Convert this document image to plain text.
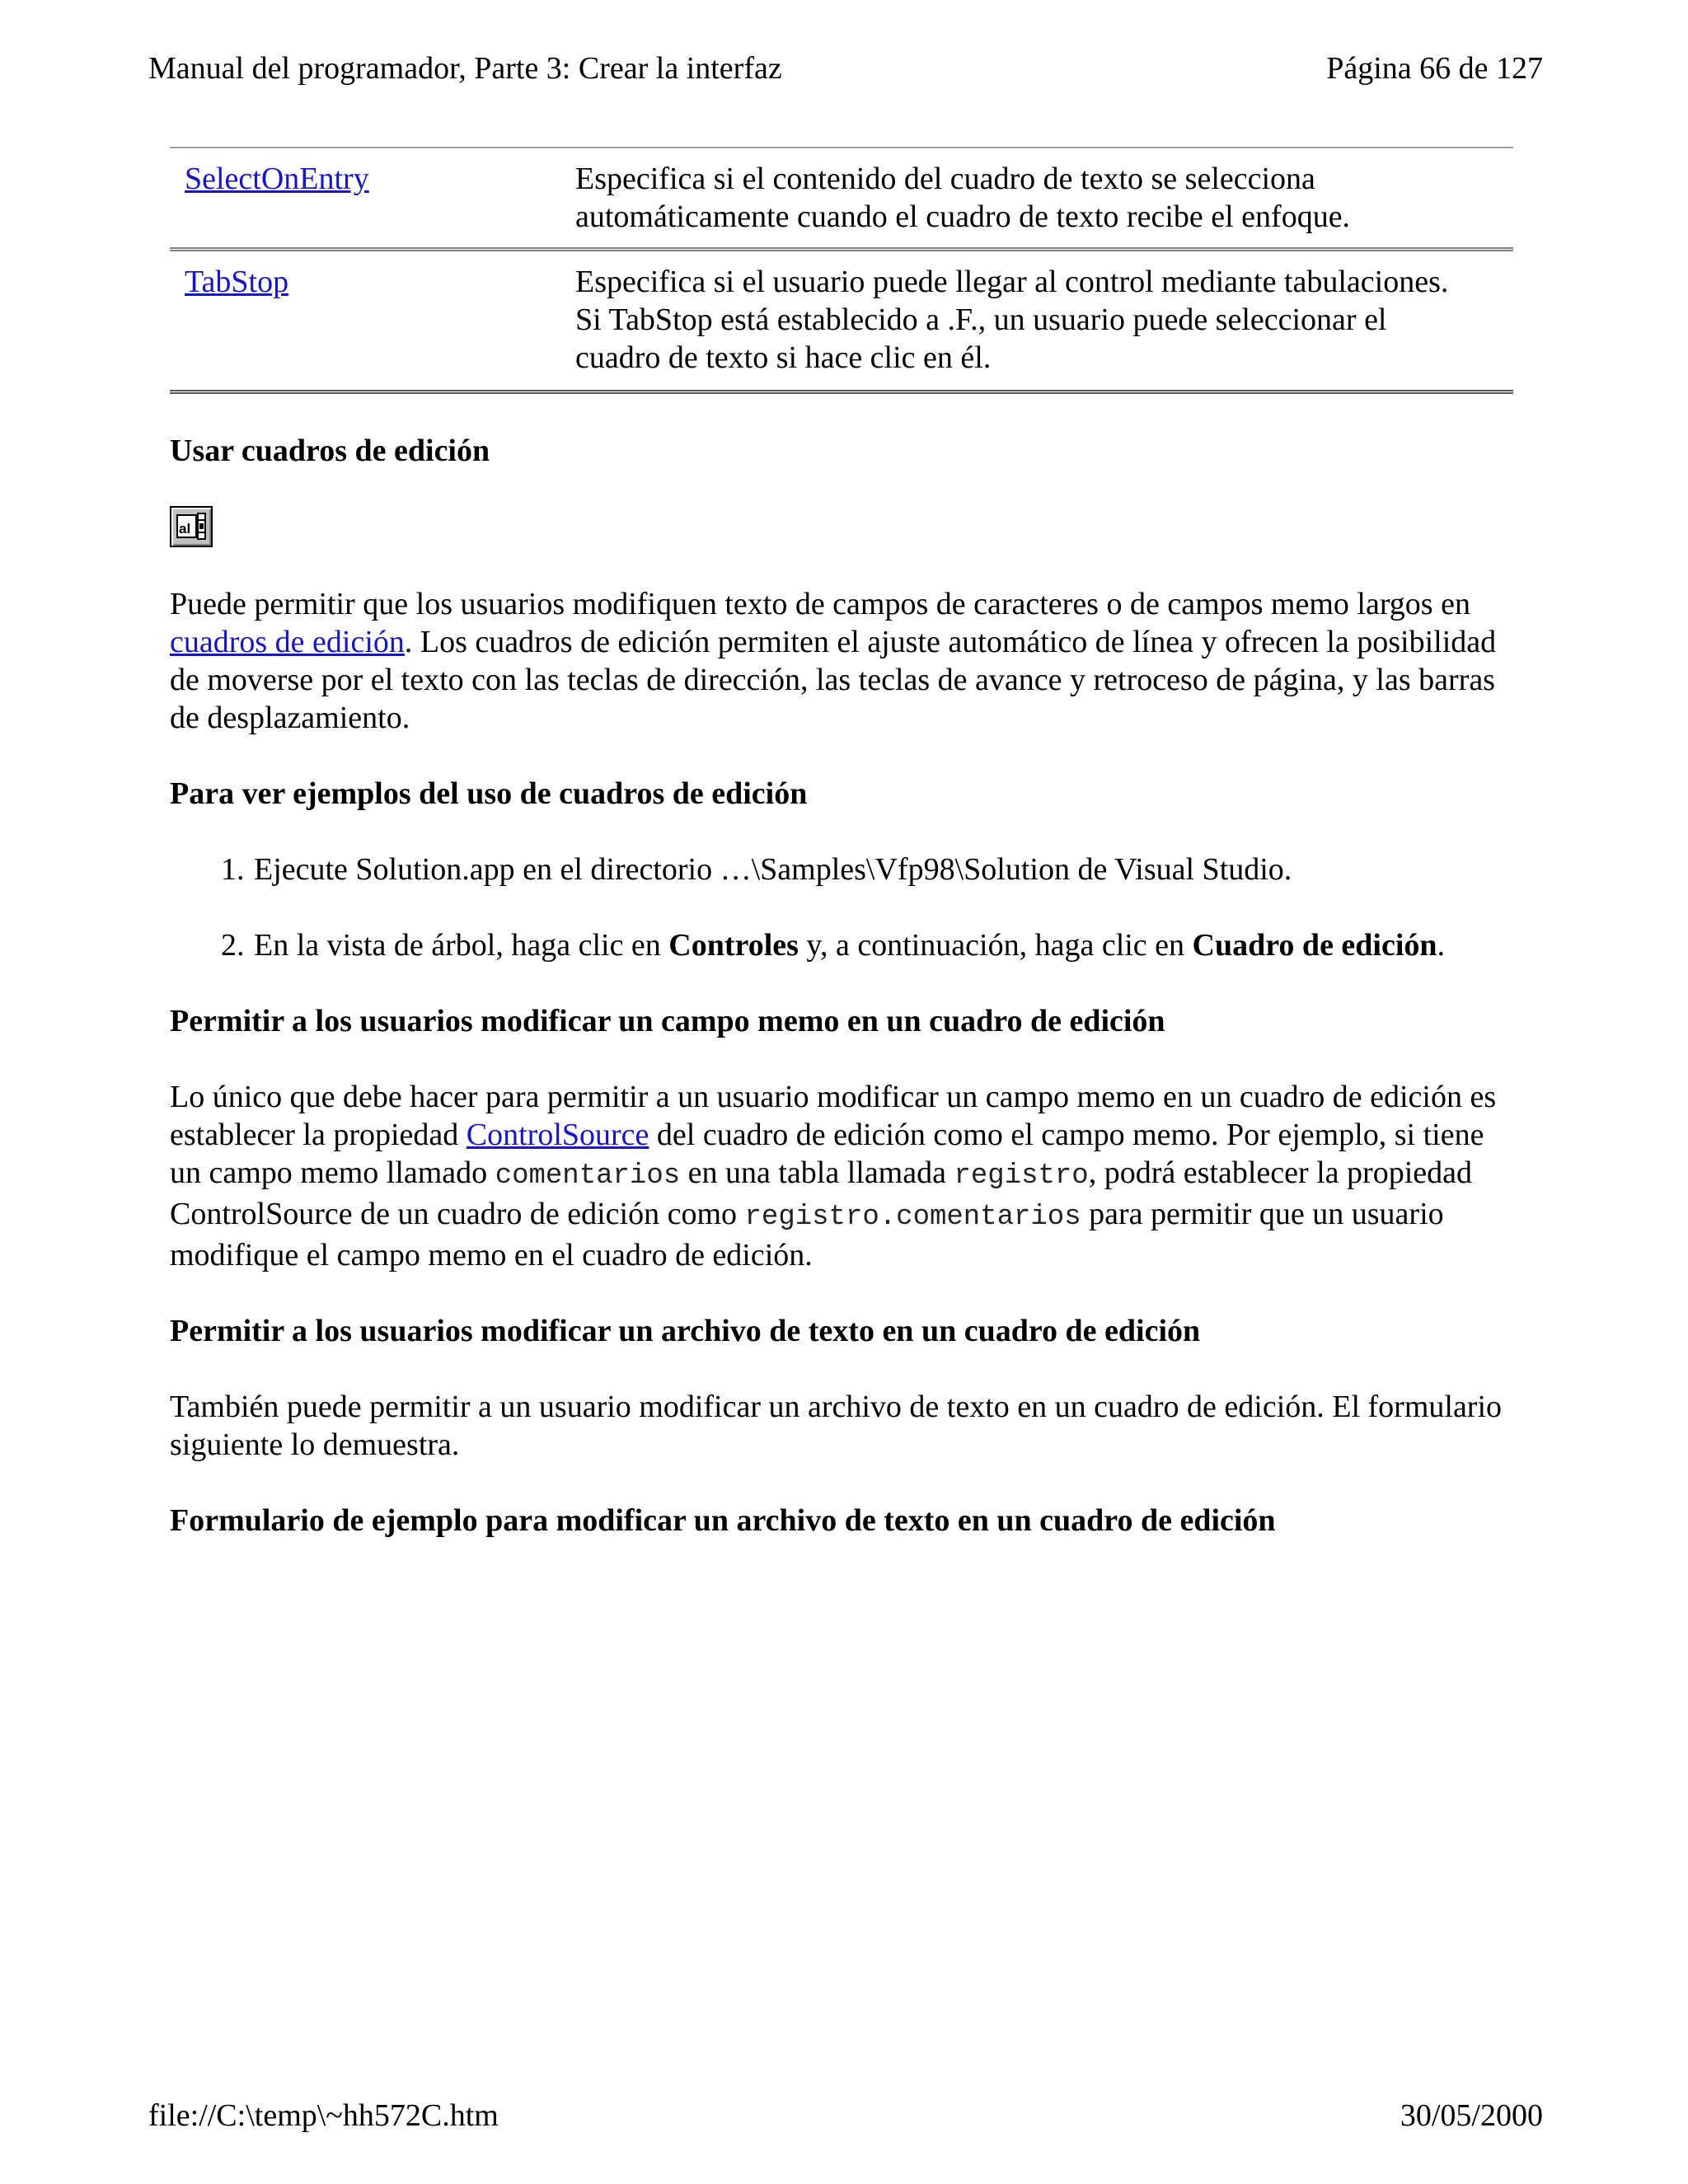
Manual del programador, Parte 3: Crear la interfaz	Página 66 de 127
SelectOnEntry	Especifica si el contenido del cuadro de texto se selecciona
automáticamente cuando el cuadro de texto recibe el enfoque.

TabStop	Especifica si el usuario puede llegar al control mediante tabulaciones.
Si TabStop está establecido a .F., un usuario puede seleccionar el
cuadro de texto si hace clic en él.
Usar cuadros de edición
al

Puede permitir que los usuarios modifiquen texto de campos de caracteres o de campos memo largos en cuadros de edición. Los cuadros de edición permiten el ajuste automático de línea y ofrecen la posibilidad de moverse por el texto con las teclas de dirección, las teclas de avance y retroceso de página, y las barras de desplazamiento.

Para ver ejemplos del uso de cuadros de edición
1. Ejecute Solution.app en el directorio …\Samples\Vfp98\Solution de Visual Studio.
2. En la vista de árbol, haga clic en Controles y, a continuación, haga clic en Cuadro de edición.
Permitir a los usuarios modificar un campo memo en un cuadro de edición

Lo único que debe hacer para permitir a un usuario modificar un campo memo en un cuadro de edición es establecer la propiedad ControlSource del cuadro de edición como el campo memo. Por ejemplo, si tiene un campo memo llamado comentarios en una tabla llamada registro, podrá establecer la propiedad ControlSource de un cuadro de edición como registro.comentarios para permitir que un usuario modifique el campo memo en el cuadro de edición.

Permitir a los usuarios modificar un archivo de texto en un cuadro de edición

También puede permitir a un usuario modificar un archivo de texto en un cuadro de edición. El formulario siguiente lo demuestra.

Formulario de ejemplo para modificar un archivo de texto en un cuadro de edición
file://C:\temp\~hh572C.htm	30/05/2000
